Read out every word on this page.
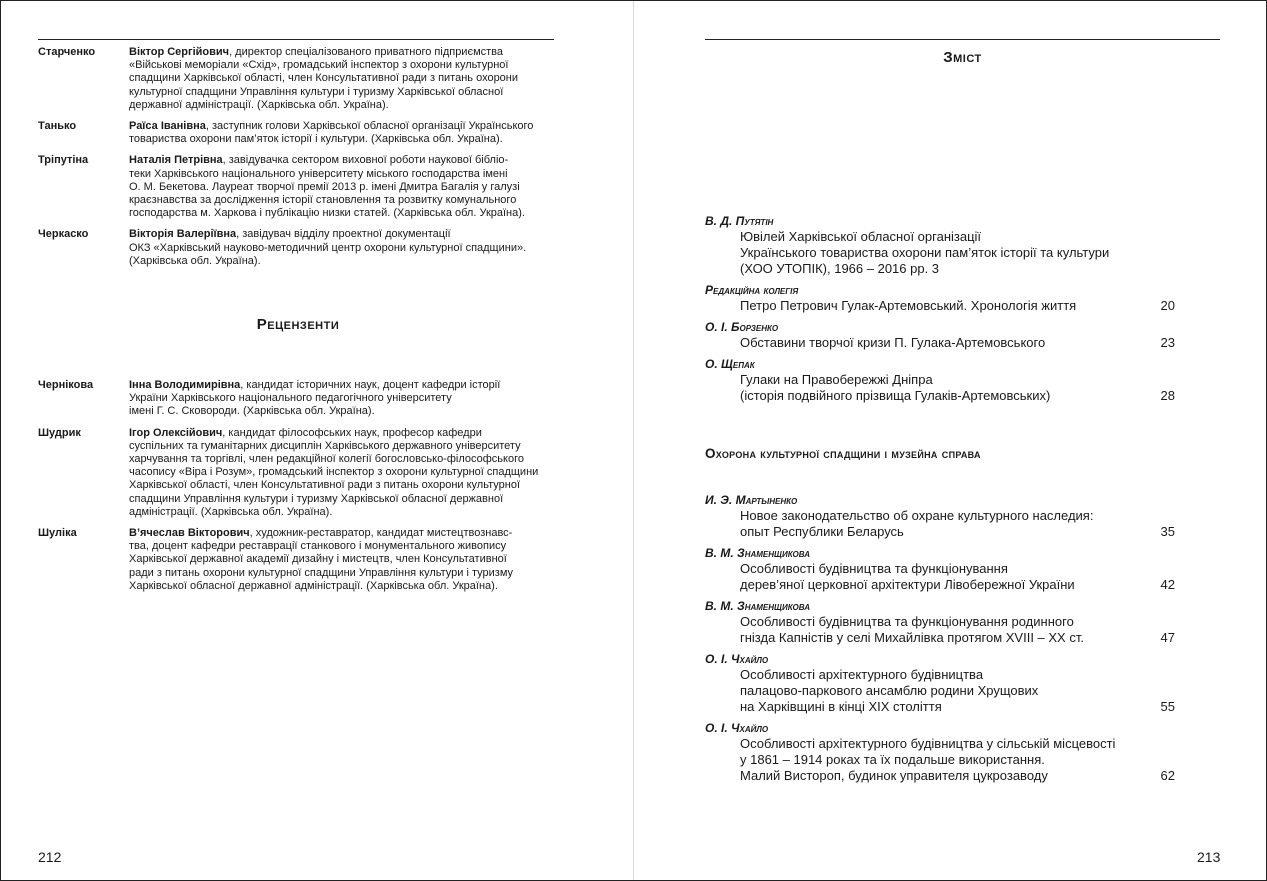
Старченко	Віктор Сергійович, директор спеціалізованого приватного підприємства
«Військові меморіали «Схід», громадський інспектор з охорони культурної
спадщини Харківської області, член Консультативної ради з питань охорони
культурної спадщини Управління культури і туризму Харківської обласної
державної адміністрації. (Харківська обл. Україна).
Танько	Раїса Іванівна, заступник голови Харківської обласної організації Українського
товариства охорони пам’яток історії і культури. (Харківська обл. Україна).
Тріпутіна	Наталія Петрівна, завідувачка сектором виховної роботи наукової бібліо-
теки Харківського національного університету міського господарства імені
О. М. Бекетова. Лауреат творчої премії 2013 р. імені Дмитра Багалія у галузі
краєзнавства за дослідження історії становлення та розвитку комунального
господарства м. Харкова і публікацію низки статей. (Харківська обл. Україна).
Черкаско	Вікторія Валеріївна, завідувач відділу проектної документації
ОКЗ «Харківський науково-методичний центр охорони культурної спадщини».
(Харківська обл. Україна).
Рецензенти
Чернікова	Інна Володимирівна, кандидат історичних наук, доцент кафедри історії
України Харківського національного педагогічного університету
імені Г. С. Сковороди. (Харківська обл. Україна).
Шудрик	Ігор Олексійович, кандидат філософських наук, професор кафедри
суспільних та гуманітарних дисциплін Харківського державного університету
харчування та торгівлі, член редакційної колегії богословсько-філософського
часопису «Віра і Розум», громадський інспектор з охорони культурної спадщини
Харківської області, член Консультативної ради з питань охорони культурної
спадщини Управління культури і туризму Харківської обласної державної
адміністрації. (Харківська обл. Україна).
Шуліка	В’ячеслав Вікторович, художник-реставратор, кандидат мистецтвознавс-
тва, доцент кафедри реставрації станкового і монументального живопису
Харківської державної академії дизайну і мистецтв, член Консультативної
ради з питань охорони культурної спадщини Управління культури і туризму
Харківської обласної державної адміністрації. (Харківська обл. Україна).
212
Зміст
В. Д. Путятін
Ювілей Харківської обласної організації
Українського товариства охорони пам’яток історії та культури
(ХОО УТОПІК), 1966 – 2016 рр. 3
Редакційна колегія
Петро Петрович Гулак-Артемовський. Хронологія життя	20
О. І. Борзенко
Обставини творчої кризи П. Гулака-Артемовського	23
О. Щепак
Гулаки на Правобережжі Дніпра
(історія подвійного прізвища Гулаків-Артемовських)	28
Охорона культурної спадщини і музейна справа
И. Э. Мартыненко
Новое законодательство об охране культурного наследия:
опыт Республики Беларусь	35
В. М. Знаменщикова
Особливості будівництва та функціонування
дерев’яної церковної архітектури Лівобережної України	42
В. М. Знаменщикова
Особливості будівництва та функціонування родинного
гнізда Капністів у селі Михайлівка протягом XVIII – XX ст.	47
О. І. Чхайло
Особливості архітектурного будівництва
палацово-паркового ансамблю родини Хрущових
на Харківщині в кінці XIX століття	55
О. І. Чхайло
Особливості архітектурного будівництва у сільській місцевості
у 1861 – 1914 роках та їх подальше використання.
Малий Вистороп, будинок управителя цукрозаводу	62
213
